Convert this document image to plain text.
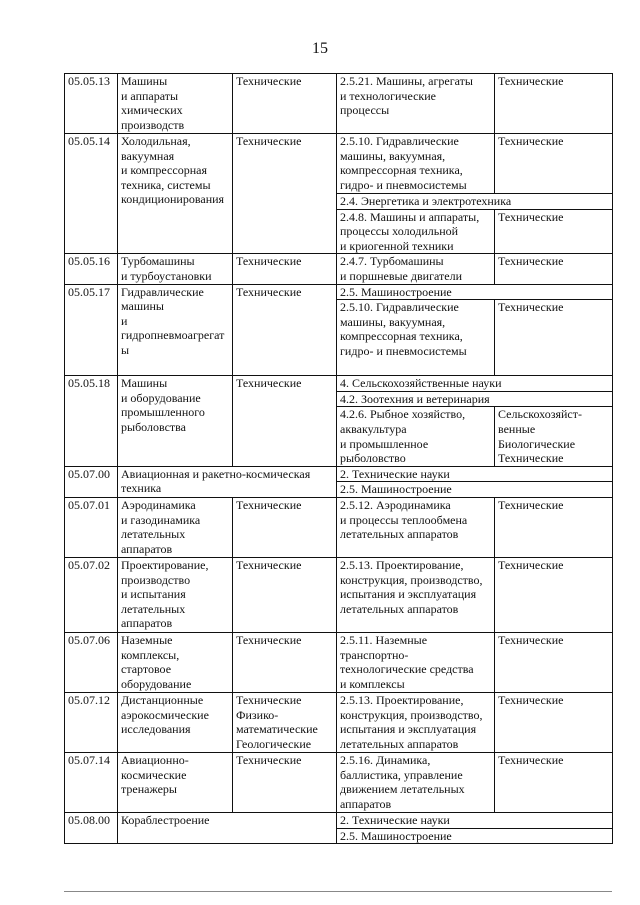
15
05.05.13	Машины
и аппараты
химических
производств	Технические	2.5.21. Машины, агрегаты
и технологические
процессы	Технические
05.05.14	Холодильная,
вакуумная
и компрессорная
техника, системы
кондиционирования	Технические	2.5.10. Гидравлические
машины, вакуумная,
компрессорная техника,
гидро- и пневмосистемы	Технические
			2.4. Энергетика и электротехника	
			2.4.8. Машины и аппараты,
процессы холодильной
и криогенной техники	Технические
05.05.16	Турбомашины
и турбоустановки	Технические	2.4.7. Турбомашины
и поршневые двигатели	Технические
05.05.17	Гидравлические
машины
и
гидропневмоагрегаты	Технические	2.5. Машиностроение	
			2.5.10. Гидравлические
машины, вакуумная,
компрессорная техника,
гидро- и пневмосистемы	Технические
05.05.18	Машины
и оборудование
промышленного
рыболовства	Технические	4. Сельскохозяйственные науки	
			4.2. Зоотехния и ветеринария	
			4.2.6. Рыбное хозяйство,
аквакультура
и промышленное
рыболовство	Сельскохозяйст-
венные
Биологические
Технические
05.07.00	Авиационная и ракетно-космическая
техника		2. Технические науки	
			2.5. Машиностроение	
05.07.01	Аэродинамика
и газодинамика
летательных
аппаратов	Технические	2.5.12. Аэродинамика
и процессы теплообмена
летательных аппаратов	Технические
05.07.02	Проектирование,
производство
и испытания
летательных
аппаратов	Технические	2.5.13. Проектирование,
конструкция, производство,
испытания и эксплуатация
летательных аппаратов	Технические
05.07.06	Наземные
комплексы,
стартовое
оборудование	Технические	2.5.11. Наземные
транспортно-
технологические средства
и комплексы	Технические
05.07.12	Дистанционные
аэрокосмические
исследования	Технические
Физико-
математические
Геологические	2.5.13. Проектирование,
конструкция, производство,
испытания и эксплуатация
летательных аппаратов	Технические
05.07.14	Авиационно-
космические
тренажеры	Технические	2.5.16. Динамика,
баллистика, управление
движением летательных
аппаратов	Технические
05.08.00	Кораблестроение		2. Технические науки	
			2.5. Машиностроение	
